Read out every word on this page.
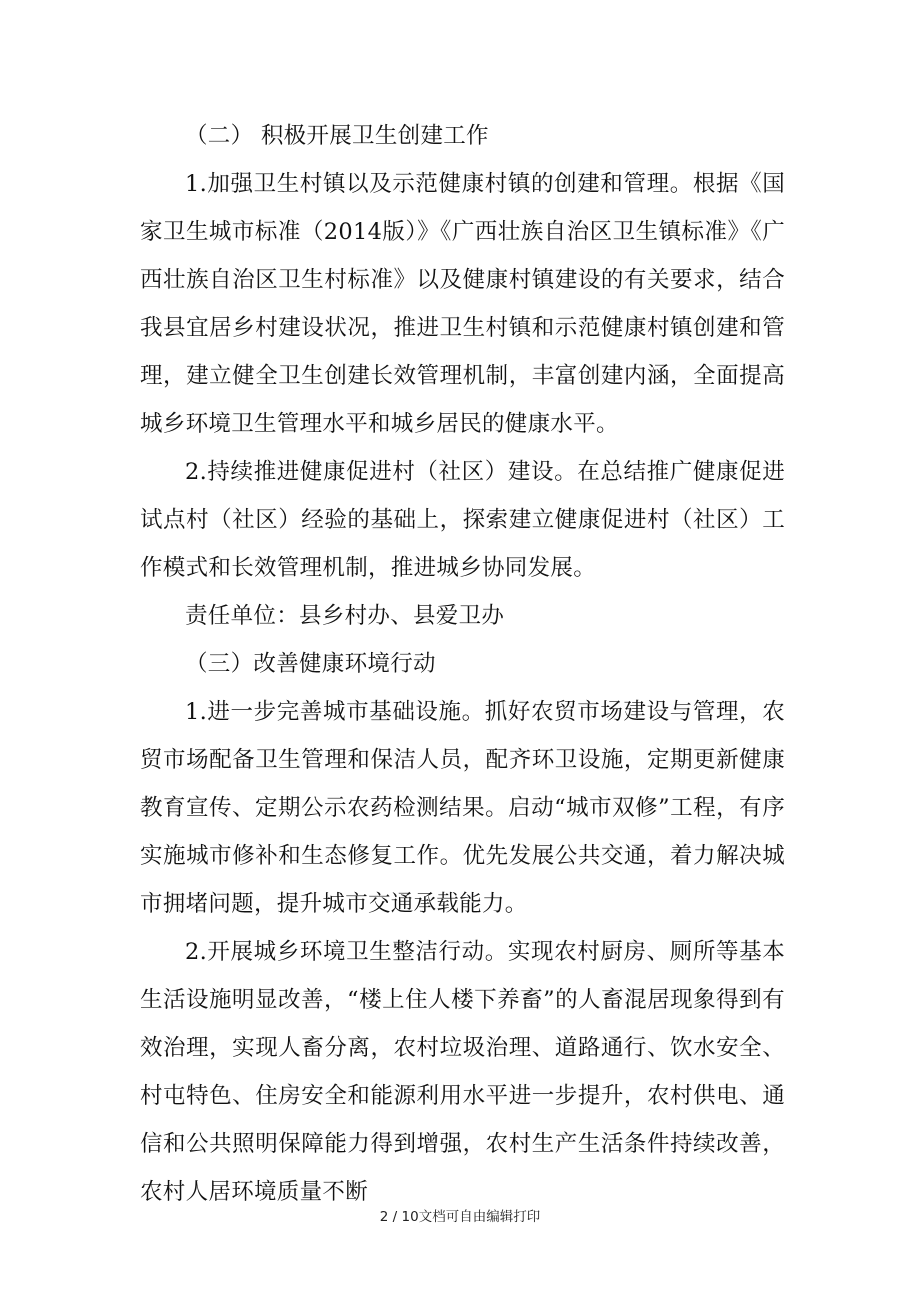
（二） 积极开展卫生创建工作

1.加强卫生村镇以及示范健康村镇的创建和管理。根据《国家卫生城市标准（2014版）》《广西壮族自治区卫生镇标准》《广西壮族自治区卫生村标准》以及健康村镇建设的有关要求，结合我县宜居乡村建设状况，推进卫生村镇和示范健康村镇创建和管理，建立健全卫生创建长效管理机制，丰富创建内涵，全面提高城乡环境卫生管理水平和城乡居民的健康水平。

2.持续推进健康促进村（社区）建设。在总结推广健康促进试点村（社区）经验的基础上，探索建立健康促进村（社区）工作模式和长效管理机制，推进城乡协同发展。

责任单位：县乡村办、县爱卫办

（三）改善健康环境行动

1.进一步完善城市基础设施。抓好农贸市场建设与管理，农贸市场配备卫生管理和保洁人员，配齐环卫设施，定期更新健康教育宣传、定期公示农药检测结果。启动“城市双修”工程，有序实施城市修补和生态修复工作。优先发展公共交通，着力解决城市拥堵问题，提升城市交通承载能力。

2.开展城乡环境卫生整洁行动。实现农村厨房、厕所等基本生活设施明显改善，“楼上住人楼下养畜”的人畜混居现象得到有效治理，实现人畜分离，农村垃圾治理、道路通行、饮水安全、村屯特色、住房安全和能源利用水平进一步提升，农村供电、通信和公共照明保障能力得到增强，农村生产生活条件持续改善，农村人居环境质量不断

2 / 10文档可自由编辑打印
